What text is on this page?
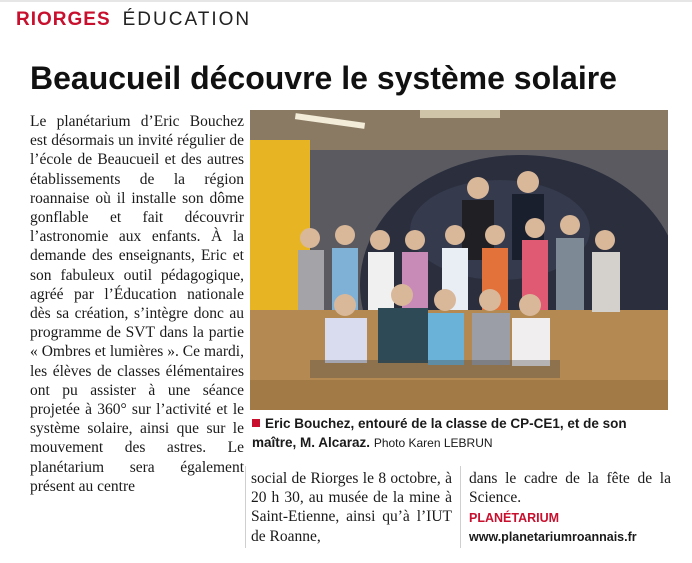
RIORGES ÉDUCATION
Beaucueil découvre le système solaire

Le planétarium d’Eric Bouchez est désormais un invité régulier de l’école de Beaucueil et des autres établissements de la région roannaise où il installe son dôme gonflable et fait découvrir l’astronomie aux enfants. À la demande des enseignants, Eric et son fabuleux outil pédagogique, agréé par l’Éducation nationale dès sa création, s’intègre donc au programme de SVT dans la partie « Ombres et lumières ». Ce mardi, les élèves de classes élémentaires ont pu assister à une séance projetée à 360° sur l’activité et le système solaire, ainsi que sur le mouvement des astres. Le planétarium sera également présent au centre

Eric Bouchez, entouré de la classe de CP-CE1, et de son maître, M. Alcaraz. Photo Karen LEBRUN

social de Riorges le 8 octobre, à 20 h 30, au musée de la mine à Saint-Etienne, ainsi qu’à l’IUT de Roanne,

dans le cadre de la fête de la Science.

PLANÉTARIUM www.planetariumroannais.fr
